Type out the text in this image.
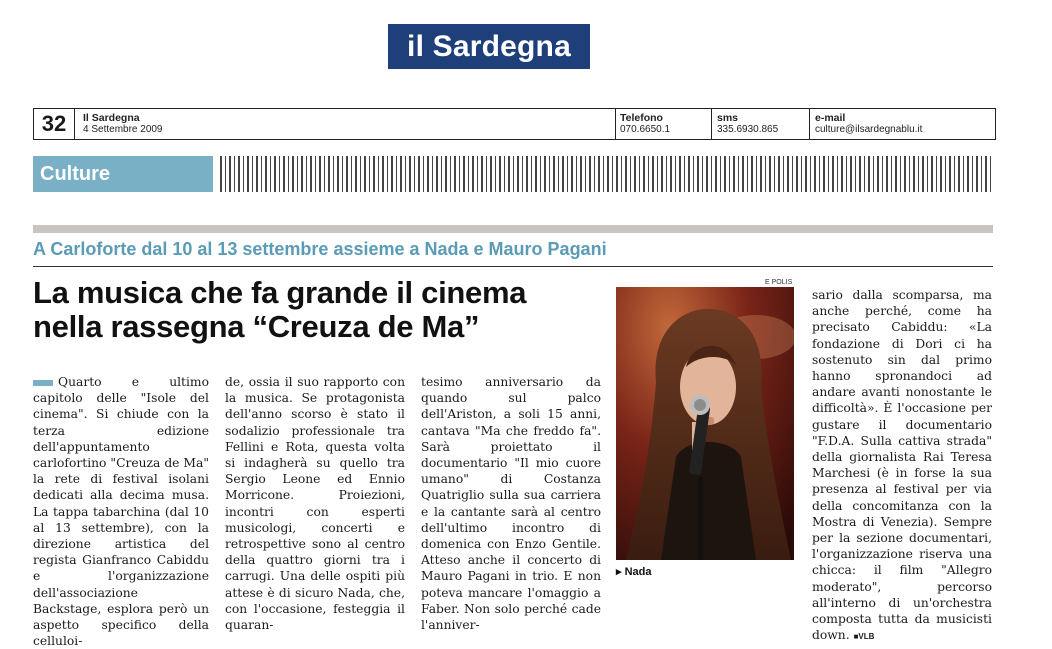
il Sardegna
32	Il Sardegna
4 Settembre 2009
Telefono
070.6650.1
sms
335.6930.865
e-mail
culture@ilsardegnablu.it
Culture
A Carloforte dal 10 al 13 settembre assieme a Nada e Mauro Pagani
La musica che fa grande il cinema
nella rassegna “Creuza de Ma”
Quarto e ultimo capitolo delle "Isole del cinema". Si chiude con la terza edizione dell'appuntamento carlofortino "Creuza de Ma" la rete di festival isolani dedicati alla decima musa. La tappa tabarchina (dal 10 al 13 settembre), con la direzione artistica del regista Gianfranco Cabiddu e l'organizzazione dell'associazione Backstage, esplora però un aspetto specifico della celluloi-
de, ossia il suo rapporto con la musica. Se protagonista dell'anno scorso è stato il sodalizio professionale tra Fellini e Rota, questa volta si indagherà su quello tra Sergio Leone ed Ennio Morricone. Proiezioni, incontri con esperti musicologi, concerti e retrospettive sono al centro della quattro giorni tra i carrugi. Una delle ospiti più attese è di sicuro Nada, che, con l'occasione, festeggia il quaran-
tesimo anniversario da quando sul palco dell'Ariston, a soli 15 anni, cantava "Ma che freddo fa". Sarà proiettato il documentario "Il mio cuore umano" di Costanza Quatriglio sulla sua carriera e la cantante sarà al centro dell'ultimo incontro di domenica con Enzo Gentile. Atteso anche il concerto di Mauro Pagani in trio. E non poteva mancare l'omaggio a Faber. Non solo perché cade l'anniver-
sario dalla scomparsa, ma anche perché, come ha precisato Cabiddu: «La fondazione di Dori ci ha sostenuto sin dal primo hanno spronandoci ad andare avanti nonostante le difficoltà». È l'occasione per gustare il documentario "F.D.A. Sulla cattiva strada" della giornalista Rai Teresa Marchesi (è in forse la sua presenza al festival per via della concomitanza con la Mostra di Venezia). Sempre per la sezione documentari, l'organizzazione riserva una chicca: il film "Allegro moderato", percorso all'interno di un'orchestra composta tutta da musicisti down. ■VLB
E POLIS
▸ Nada
